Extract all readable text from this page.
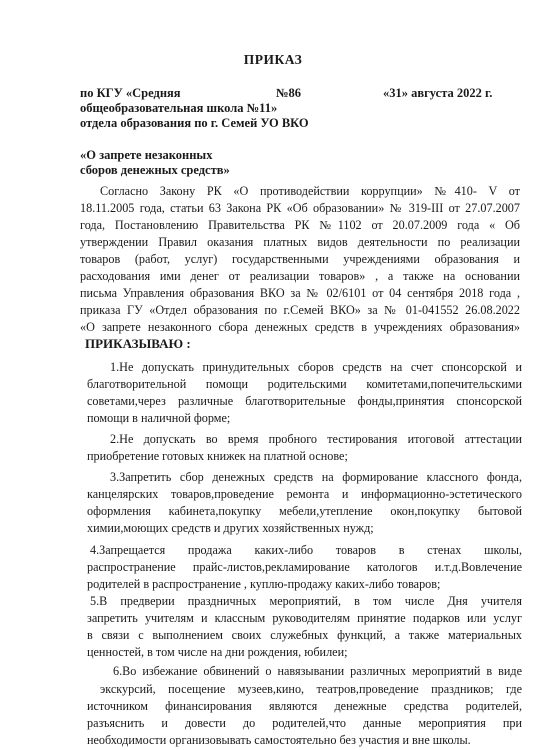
ПРИКАЗ
по КГУ «Средняя
общеобразовательная школа №11»
отдела образования по г. Семей УО ВКО
№86	«31» августа 2022 г.
«О запрете незаконных
сборов денежных средств»
Согласно Закону РК «О противодействии коррупции» №410- V от
18.11.2005 года, статьи 63 Закона РК «Об образовании» № 319-III от 27.07.2007
года, Постановлению Правительства РК №1102 от 20.07.2009 года « Об
утверждении Правил оказания платных видов деятельности по реализации
товаров (работ, услуг) государственными учреждениями образования и
расходования ими денег от реализации товаров» , а также на основании
письма Управления образования ВКО за № 02/6101 от 04 сентября 2018 года ,
приказа ГУ «Отдел образования по г.Семей ВКО» за № 01-041552 26.08.2022
«О запрете незаконного сбора денежных средств в учреждениях образования»
ПРИКАЗЫВАЮ :
1.Не допускать принудительных сборов средств на счет спонсорской и
благотворительной помощи родительскими комитетами,попечительскими
советами,через различные благотворительные фонды,принятия спонсорской
помощи в наличной форме;
2.Не допускать во время пробного тестирования итоговой аттестации
приобретение готовых книжек на платной основе;
3.Запретить сбор денежных средств на формирование классного фонда,
канцелярских товаров,проведение ремонта и информационно-эстетического
оформления кабинета,покупку мебели,утепление окон,покупку бытовой
химии,моющих средств и других хозяйственных нужд;
4.Запрещается продажа каких-либо товаров в стенах школы,
распространение прайс-листов,рекламирование катологов и.т.д.Вовлечение
родителей в распространение , куплю-продажу каких-либо товаров;
5.В предверии праздничных мероприятий, в том числе Дня учителя
запретить учителям и классным руководителям принятие подарков или услуг
в связи с выполнением своих служебных функций, а также материальных
ценностей, в том числе на дни рождения, юбилеи;
6.Во избежание обвинений о навязывании различных мероприятий в виде
экскурсий, посещение музеев,кино, театров,проведение праздников; где
источником финансирования являются денежные средства родителей,
разъяснить и довести до родителей,что данные мероприятия при
необходимости организовывать самостоятельно без участия и вне школы.
